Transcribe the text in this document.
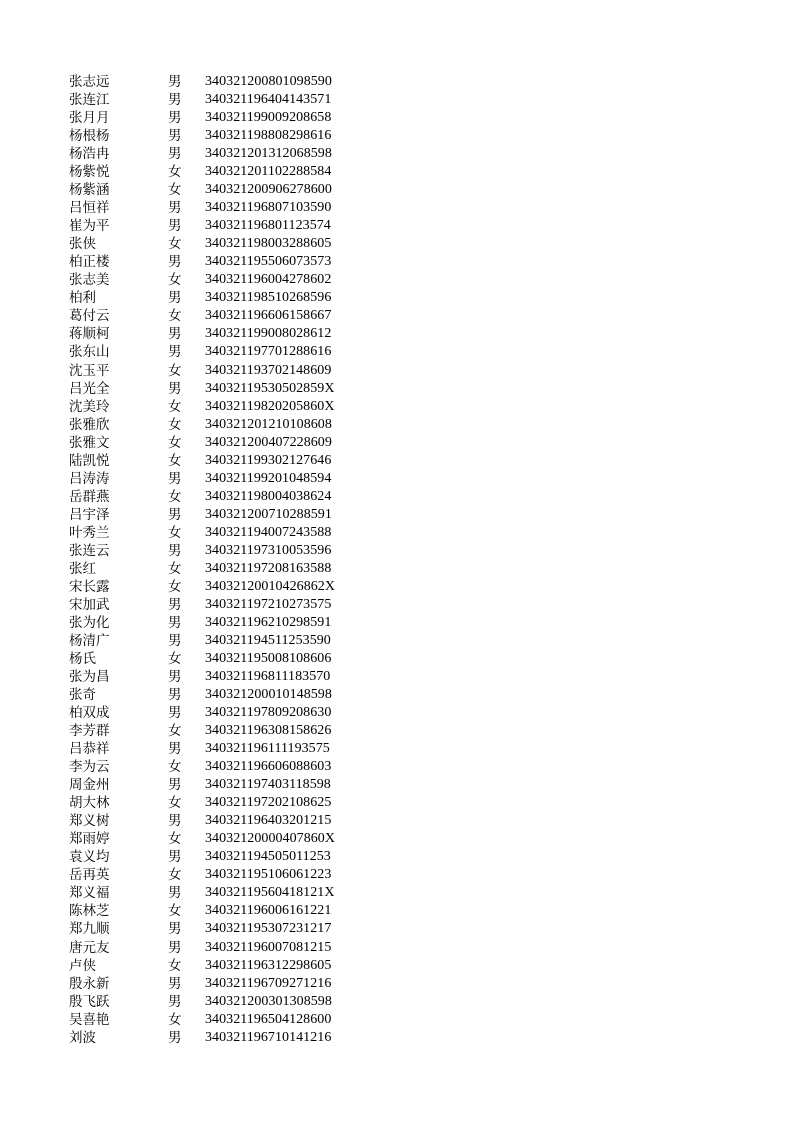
张志远	男	340321200801098590
张连江	男	340321196404143571
张月月	男	340321199009208658
杨根杨	男	340321198808298616
杨浩冉	男	340321201312068598
杨紫悦	女	340321201102288584
杨紫涵	女	340321200906278600
吕恒祥	男	340321196807103590
崔为平	男	340321196801123574
张侠	女	340321198003288605
柏正楼	男	340321195506073573
张志美	女	340321196004278602
柏利	男	340321198510268596
葛付云	女	340321196606158667
蒋顺柯	男	340321199008028612
张东山	男	340321197701288616
沈玉平	女	340321193702148609
吕光全	男	34032119530502859X
沈美玲	女	34032119820205860X
张雅欣	女	340321201210108608
张雅文	女	340321200407228609
陆凯悦	女	340321199302127646
吕涛涛	男	340321199201048594
岳群燕	女	340321198004038624
吕宇泽	男	340321200710288591
叶秀兰	女	340321194007243588
张连云	男	340321197310053596
张红	女	340321197208163588
宋长露	女	34032120010426862X
宋加武	男	340321197210273575
张为化	男	340321196210298591
杨清广	男	340321194511253590
杨氏	女	340321195008108606
张为昌	男	340321196811183570
张奇	男	340321200010148598
柏双成	男	340321197809208630
李芳群	女	340321196308158626
吕恭祥	男	340321196111193575
李为云	女	340321196606088603
周金州	男	340321197403118598
胡大林	女	340321197202108625
郑义树	男	340321196403201215
郑雨婷	女	34032120000407860X
袁义均	男	340321194505011253
岳再英	女	340321195106061223
郑义福	男	34032119560418121X
陈林芝	女	340321196006161221
郑九顺	男	340321195307231217
唐元友	男	340321196007081215
卢侠	女	340321196312298605
殷永新	男	340321196709271216
殷飞跃	男	340321200301308598
吴喜艳	女	340321196504128600
刘波	男	340321196710141216
